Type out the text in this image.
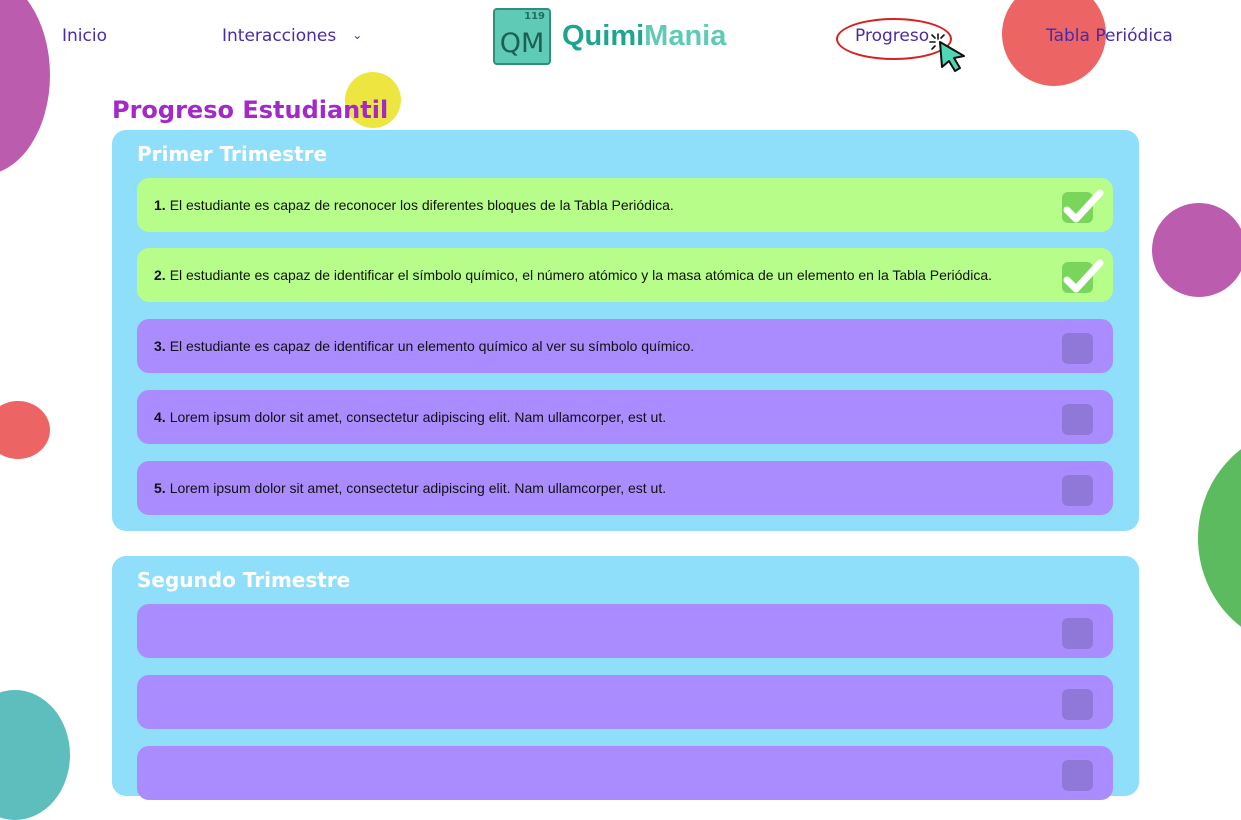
Inicio	Interacciones ⌄
119
QM QuimiMania	Progreso	Tabla Periódica
Progreso Estudiantil
Primer Trimestre
1. El estudiante es capaz de reconocer los diferentes bloques de la Tabla Periódica.
2. El estudiante es capaz de identificar el símbolo químico, el número atómico y la masa atómica de un elemento en la Tabla Periódica.
3. El estudiante es capaz de identificar un elemento químico al ver su símbolo químico.
4. Lorem ipsum dolor sit amet, consectetur adipiscing elit. Nam ullamcorper, est ut.
5. Lorem ipsum dolor sit amet, consectetur adipiscing elit. Nam ullamcorper, est ut.
Segundo Trimestre
